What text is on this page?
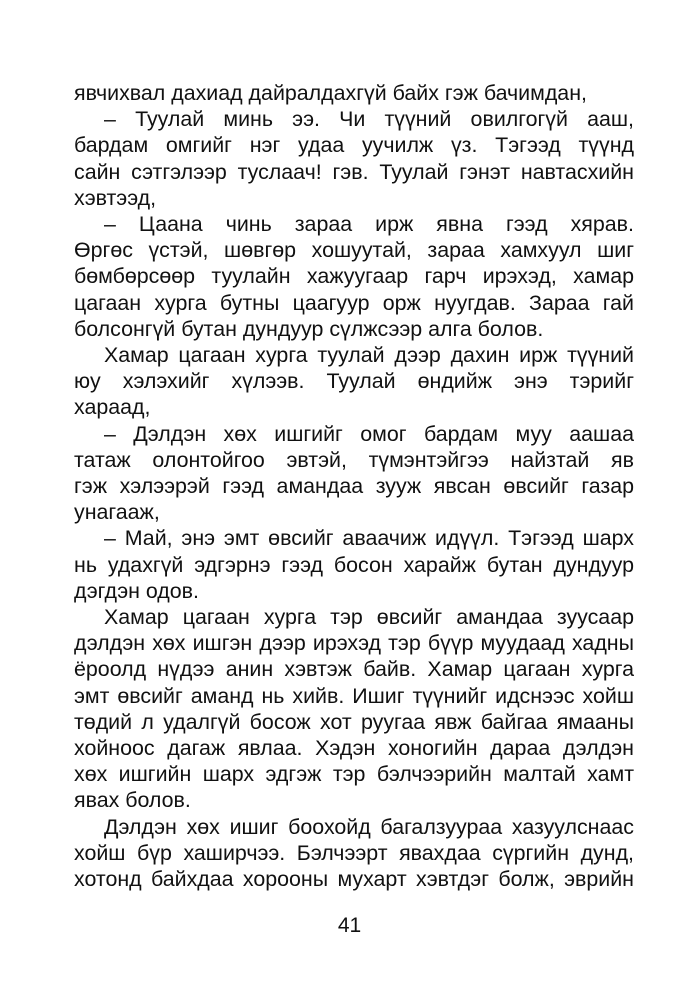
явчихвал дахиад дайралдахгүй байх гэж бачимдан,

– Туулай минь ээ. Чи түүний овилгогүй ааш,
бардам омгийг нэг удаа уучилж үз. Тэгээд түүнд
сайн сэтгэлээр туслаач! гэв. Туулай гэнэт навтасхийн
хэвтээд,

– Цаана чинь зараа ирж явна гээд хярав.
Өргөс үстэй, шөвгөр хошуутай, зараа хамхуул шиг
бөмбөрсөөр туулайн хажуугаар гарч ирэхэд, хамар
цагаан хурга бутны цаагуур орж нуугдав. Зараа гай
болсонгүй бутан дундуур сүлжсээр алга болов.

Хамар цагаан хурга туулай дээр дахин ирж түүний
юу хэлэхийг хүлээв. Туулай өндийж энэ тэрийг
хараад,

– Дэлдэн хөх ишгийг омог бардам муу аашаа
татаж олонтойгоо эвтэй, түмэнтэйгээ найзтай яв
гэж хэлээрэй гээд амандаа зууж явсан өвсийг газар
унагааж,

– Май, энэ эмт өвсийг аваачиж идүүл. Тэгээд шарх
нь удахгүй эдгэрнэ гээд босон харайж бутан дундуур
дэгдэн одов.

Хамар цагаан хурга тэр өвсийг амандаа зуусаар
дэлдэн хөх ишгэн дээр ирэхэд тэр бүүр муудаад хадны
ёроолд нүдээ анин хэвтэж байв. Хамар цагаан хурга
эмт өвсийг аманд нь хийв. Ишиг түүнийг идснээс хойш
төдий л удалгүй босож хот руугаа явж байгаа ямааны
хойноос дагаж явлаа. Хэдэн хоногийн дараа дэлдэн
хөх ишгийн шарх эдгэж тэр бэлчээрийн малтай хамт
явах болов.

Дэлдэн хөх ишиг боохойд багалзуураа хазуулснаас
хойш бүр хаширчээ. Бэлчээрт явахдаа сүргийн дунд,
хотонд байхдаа хорооны мухарт хэвтдэг болж, эврийн

41
